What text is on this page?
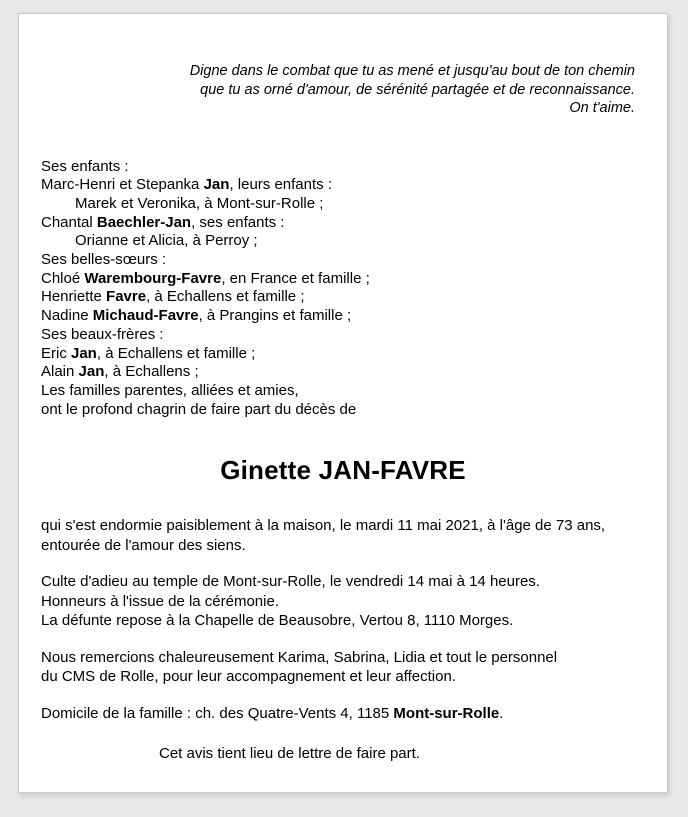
Digne dans le combat que tu as mené et jusqu'au bout de ton chemin
que tu as orné d'amour, de sérénité partagée et de reconnaissance.
On t'aime.
Ses enfants :
Marc-Henri et Stepanka Jan, leurs enfants :
Marek et Veronika, à Mont-sur-Rolle ;
Chantal Baechler-Jan, ses enfants :
Orianne et Alicia, à Perroy ;
Ses belles-sœurs :
Chloé Warembourg-Favre, en France et famille ;
Henriette Favre, à Echallens et famille ;
Nadine Michaud-Favre, à Prangins et famille ;
Ses beaux-frères :
Eric Jan, à Echallens et famille ;
Alain Jan, à Echallens ;
Les familles parentes, alliées et amies,
ont le profond chagrin de faire part du décès de
Ginette JAN-FAVRE

qui s'est endormie paisiblement à la maison, le mardi 11 mai 2021, à l'âge de 73 ans,
entourée de l'amour des siens.

Culte d'adieu au temple de Mont-sur-Rolle, le vendredi 14 mai à 14 heures.
Honneurs à l'issue de la cérémonie.
La défunte repose à la Chapelle de Beausobre, Vertou 8, 1110 Morges.

Nous remercions chaleureusement Karima, Sabrina, Lidia et tout le personnel
du CMS de Rolle, pour leur accompagnement et leur affection.

Domicile de la famille : ch. des Quatre-Vents 4, 1185 Mont-sur-Rolle.

Cet avis tient lieu de lettre de faire part.
